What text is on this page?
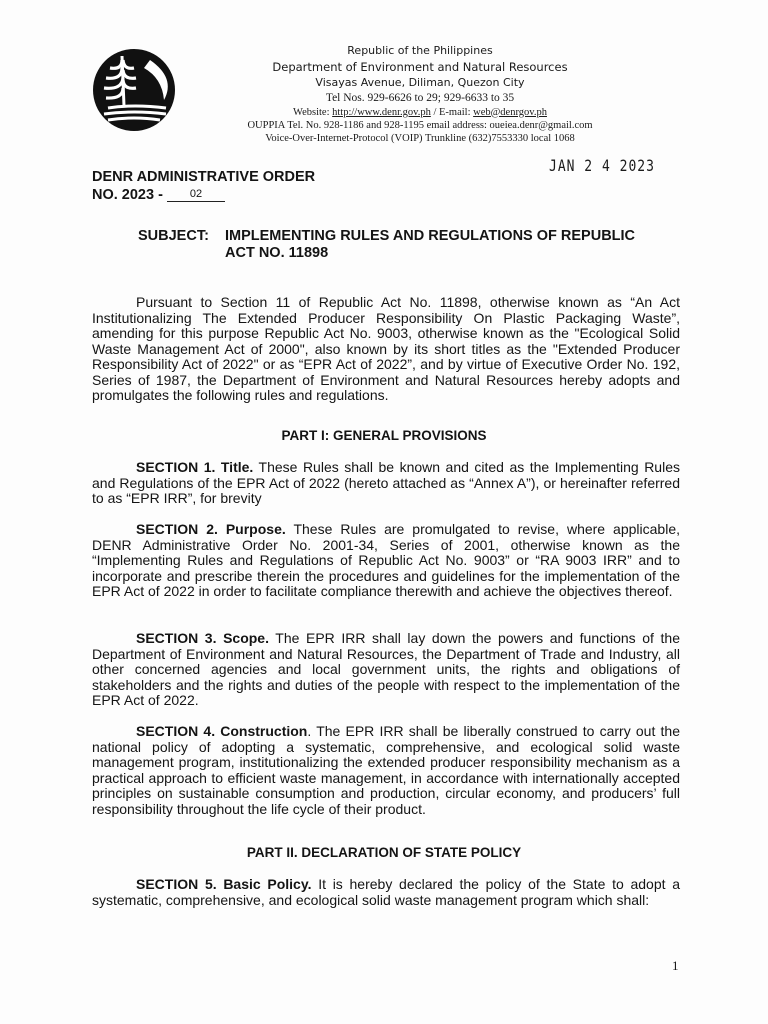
Republic of the Philippines
Department of Environment and Natural Resources
Visayas Avenue, Diliman, Quezon City
Tel Nos. 929-6626 to 29; 929-6633 to 35
Website: http://www.denr.gov.ph / E-mail: web@denrgov.ph
OUPPIA Tel. No. 928-1186 and 928-1195 email address: oueiea.denr@gmail.com
Voice-Over-Internet-Protocol (VOIP) Trunkline (632)7553330 local 1068
JAN 2 4 2023
DENR ADMINISTRATIVE ORDER
NO. 2023 - 02
SUBJECT: IMPLEMENTING RULES AND REGULATIONS OF REPUBLIC
ACT NO. 11898
Pursuant to Section 11 of Republic Act No. 11898, otherwise known as “An Act Institutionalizing The Extended Producer Responsibility On Plastic Packaging Waste”, amending for this purpose Republic Act No. 9003, otherwise known as the "Ecological Solid Waste Management Act of 2000", also known by its short titles as the "Extended Producer Responsibility Act of 2022" or as “EPR Act of 2022”, and by virtue of Executive Order No. 192, Series of 1987, the Department of Environment and Natural Resources hereby adopts and promulgates the following rules and regulations.
PART I: GENERAL PROVISIONS
SECTION 1. Title. These Rules shall be known and cited as the Implementing Rules and Regulations of the EPR Act of 2022 (hereto attached as “Annex A”), or hereinafter referred to as “EPR IRR”, for brevity
SECTION 2. Purpose. These Rules are promulgated to revise, where applicable, DENR Administrative Order No. 2001-34, Series of 2001, otherwise known as the “Implementing Rules and Regulations of Republic Act No. 9003” or “RA 9003 IRR” and to incorporate and prescribe therein the procedures and guidelines for the implementation of the EPR Act of 2022 in order to facilitate compliance therewith and achieve the objectives thereof.
SECTION 3. Scope. The EPR IRR shall lay down the powers and functions of the Department of Environment and Natural Resources, the Department of Trade and Industry, all other concerned agencies and local government units, the rights and obligations of stakeholders and the rights and duties of the people with respect to the implementation of the EPR Act of 2022.
SECTION 4. Construction. The EPR IRR shall be liberally construed to carry out the national policy of adopting a systematic, comprehensive, and ecological solid waste management program, institutionalizing the extended producer responsibility mechanism as a practical approach to efficient waste management, in accordance with internationally accepted principles on sustainable consumption and production, circular economy, and producers’ full responsibility throughout the life cycle of their product.
PART II. DECLARATION OF STATE POLICY
SECTION 5. Basic Policy. It is hereby declared the policy of the State to adopt a systematic, comprehensive, and ecological solid waste management program which shall:
1
